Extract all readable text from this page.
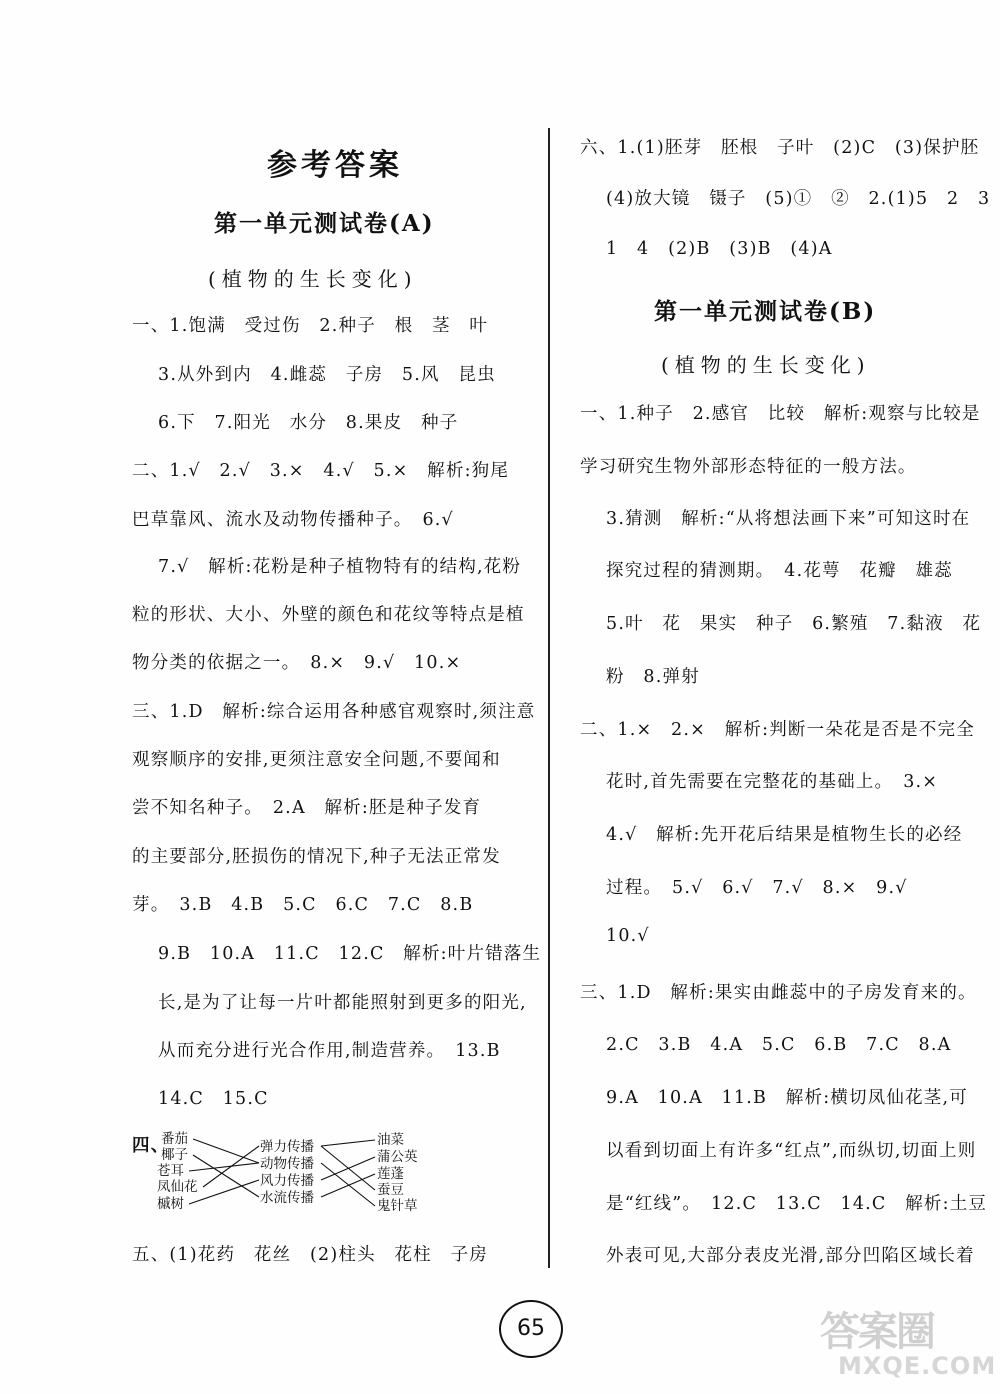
参考答案
第一单元测试卷(A)
(植物的生长变化)
一、1.饱满　受过伤　2.种子　根　茎　叶
3.从外到内　4.雌蕊　子房　5.风　昆虫
6.下　7.阳光　水分　8.果皮　种子
二、1.√　2.√　3.×　4.√　5.×　解析:狗尾
巴草靠风、流水及动物传播种子。　6.√
7.√　解析:花粉是种子植物特有的结构,花粉
粒的形状、大小、外壁的颜色和花纹等特点是植
物分类的依据之一。　8.×　9.√　10.×
三、1.D　解析:综合运用各种感官观察时,须注意
观察顺序的安排,更须注意安全问题,不要闻和
尝不知名种子。　2.A　解析:胚是种子发育
的主要部分,胚损伤的情况下,种子无法正常发
芽。　3.B　4.B　5.C　6.C　7.C　8.B
9.B　10.A　11.C　12.C　解析:叶片错落生
长,是为了让每一片叶都能照射到更多的阳光,
从而充分进行光合作用,制造营养。　13.B
14.C　15.C
四、
番茄
椰子
苍耳
凤仙花
槭树
弹力传播
动物传播
风力传播
水流传播
油菜
蒲公英
莲蓬
蚕豆
鬼针草
五、(1)花药　花丝　(2)柱头　花柱　子房
六、1.(1)胚芽　胚根　子叶　(2)C　(3)保护胚
(4)放大镜　镊子　(5)①　②　2.(1)5　2　3
1　4　(2)B　(3)B　(4)A
第一单元测试卷(B)
(植物的生长变化)
一、1.种子　2.感官　比较　解析:观察与比较是
学习研究生物外部形态特征的一般方法。
3.猜测　解析:“从将想法画下来”可知这时在
探究过程的猜测期。　4.花萼　花瓣　雄蕊
5.叶　花　果实　种子　6.繁殖　7.黏液　花
粉　8.弹射
二、1.×　2.×　解析:判断一朵花是否是不完全
花时,首先需要在完整花的基础上。　3.×
4.√　解析:先开花后结果是植物生长的必经
过程。　5.√　6.√　7.√　8.×　9.√
10.√
三、1.D　解析:果实由雌蕊中的子房发育来的。
2.C　3.B　4.A　5.C　6.B　7.C　8.A
9.A　10.A　11.B　解析:横切凤仙花茎,可
以看到切面上有许多“红点”,而纵切,切面上则
是“红线”。　12.C　13.C　14.C　解析:土豆
外表可见,大部分表皮光滑,部分凹陷区域长着
65	答案圈
MXQE.COM
